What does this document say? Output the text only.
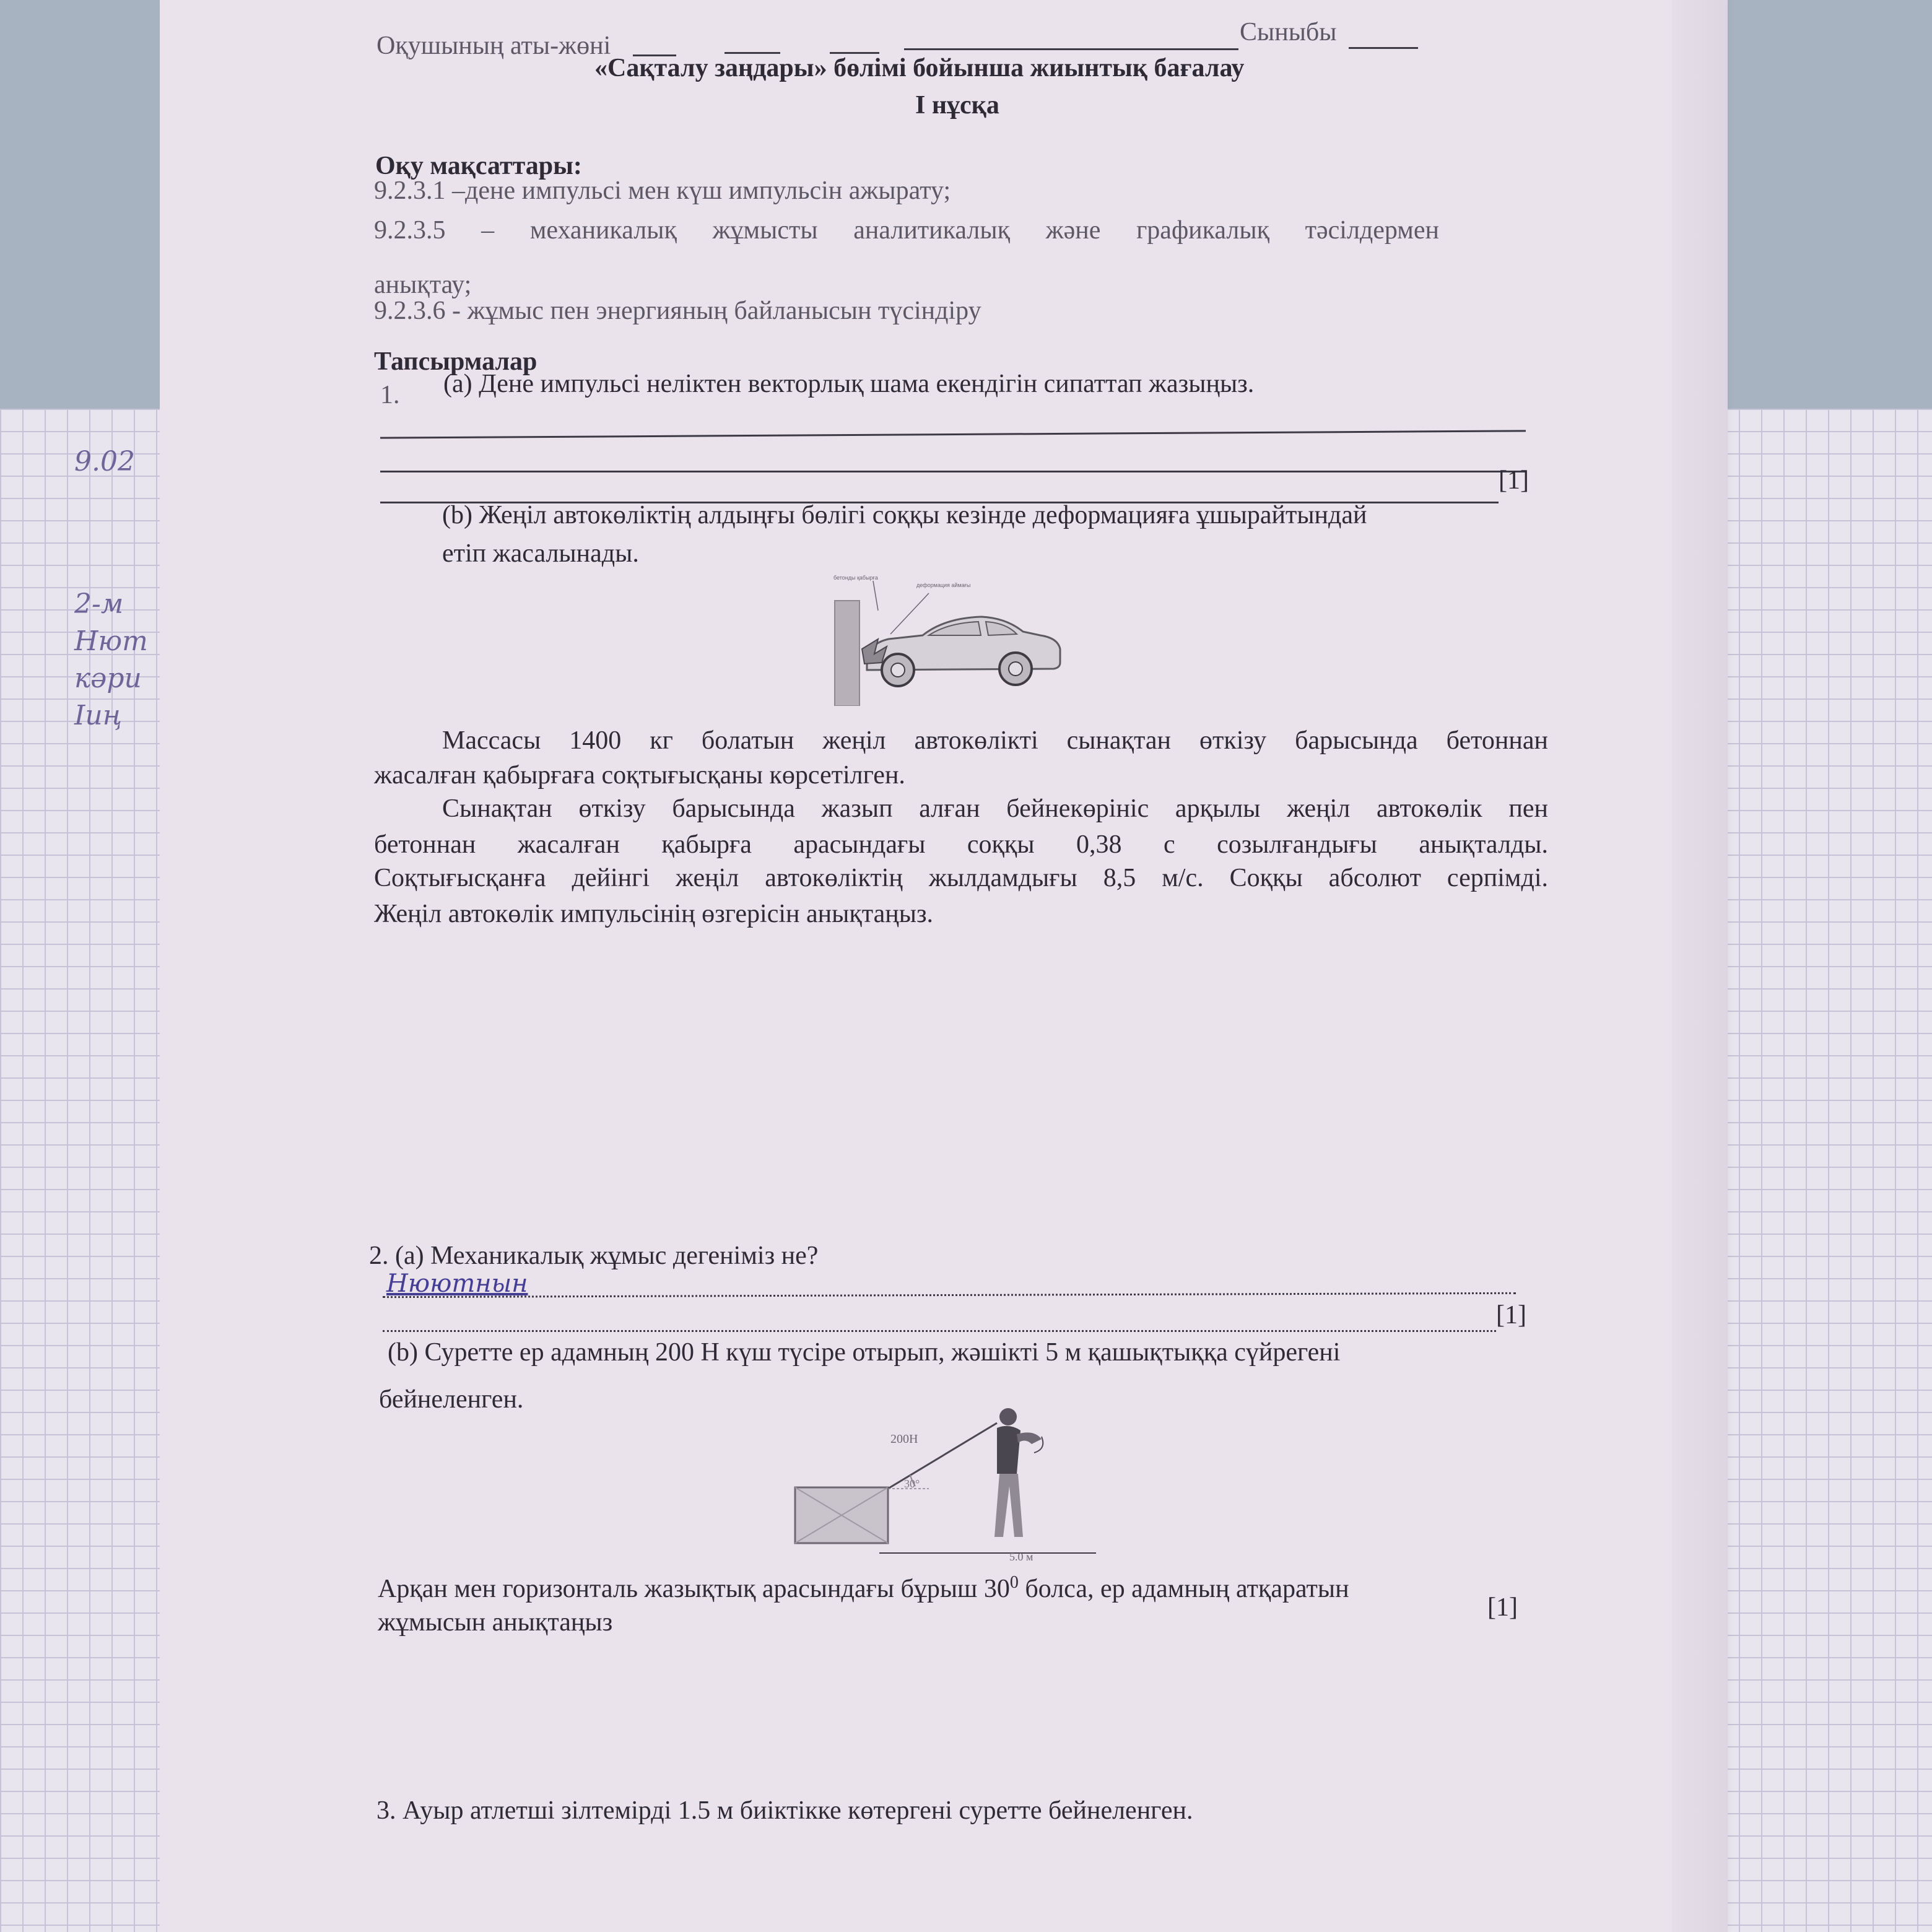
9.02
2-м
Нют
кәри
Іиң
Оқушының аты-жөні	Сыныбы
«Сақталу заңдары» бөлімі бойынша жиынтық бағалау
I нұсқа
Оқу мақсаттары:
9.2.3.1 –дене импульсі мен күш импульсін ажырату;
9.2.3.5 – механикалық жұмысты аналитикалық және графикалық тәсілдермен
анықтау;
9.2.3.6 - жұмыс пен энергияның байланысын түсіндіру
Тапсырмалар
1. (a) Дене импульсі неліктен векторлық шама екендігін сипаттап жазыңыз.
[1]
(b) Жеңіл автокөліктің алдыңғы бөлігі соққы кезінде деформацияға ұшырайтындай
етіп жасалынады.
бетонды қабырға
деформация аймағы
Массасы 1400 кг болатын жеңіл автокөлікті сынақтан өткізу барысында бетоннан
жасалған қабырғаға соқтығысқаны көрсетілген.
Сынақтан өткізу барысында жазып алған бейнекөрініс арқылы жеңіл автокөлік пен
бетоннан жасалған қабырға арасындағы соққы 0,38 с созылғандығы анықталды.
Соқтығысқанға дейінгі жеңіл автокөліктің жылдамдығы 8,5 м/с. Соққы абсолют серпімді.
Жеңіл автокөлік импульсінің өзгерісін анықтаңыз.
2. (a) Механикалық жұмыс дегеніміз не?
Нюютнын
[1]
(b) Суретте ер адамның 200 Н күш түсіре отырып, жәшікті 5 м қашықтыққа сүйрегені
бейнеленген.
200Н
30°
5.0 м
Арқан мен горизонталь жазықтық арасындағы бұрыш $30^0$ болса, ер адамның атқаратын
жұмысын анықтаңыз
[1]
3. Ауыр атлетші зілтемірді 1.5 м биіктікке көтергені суретте бейнеленген.
